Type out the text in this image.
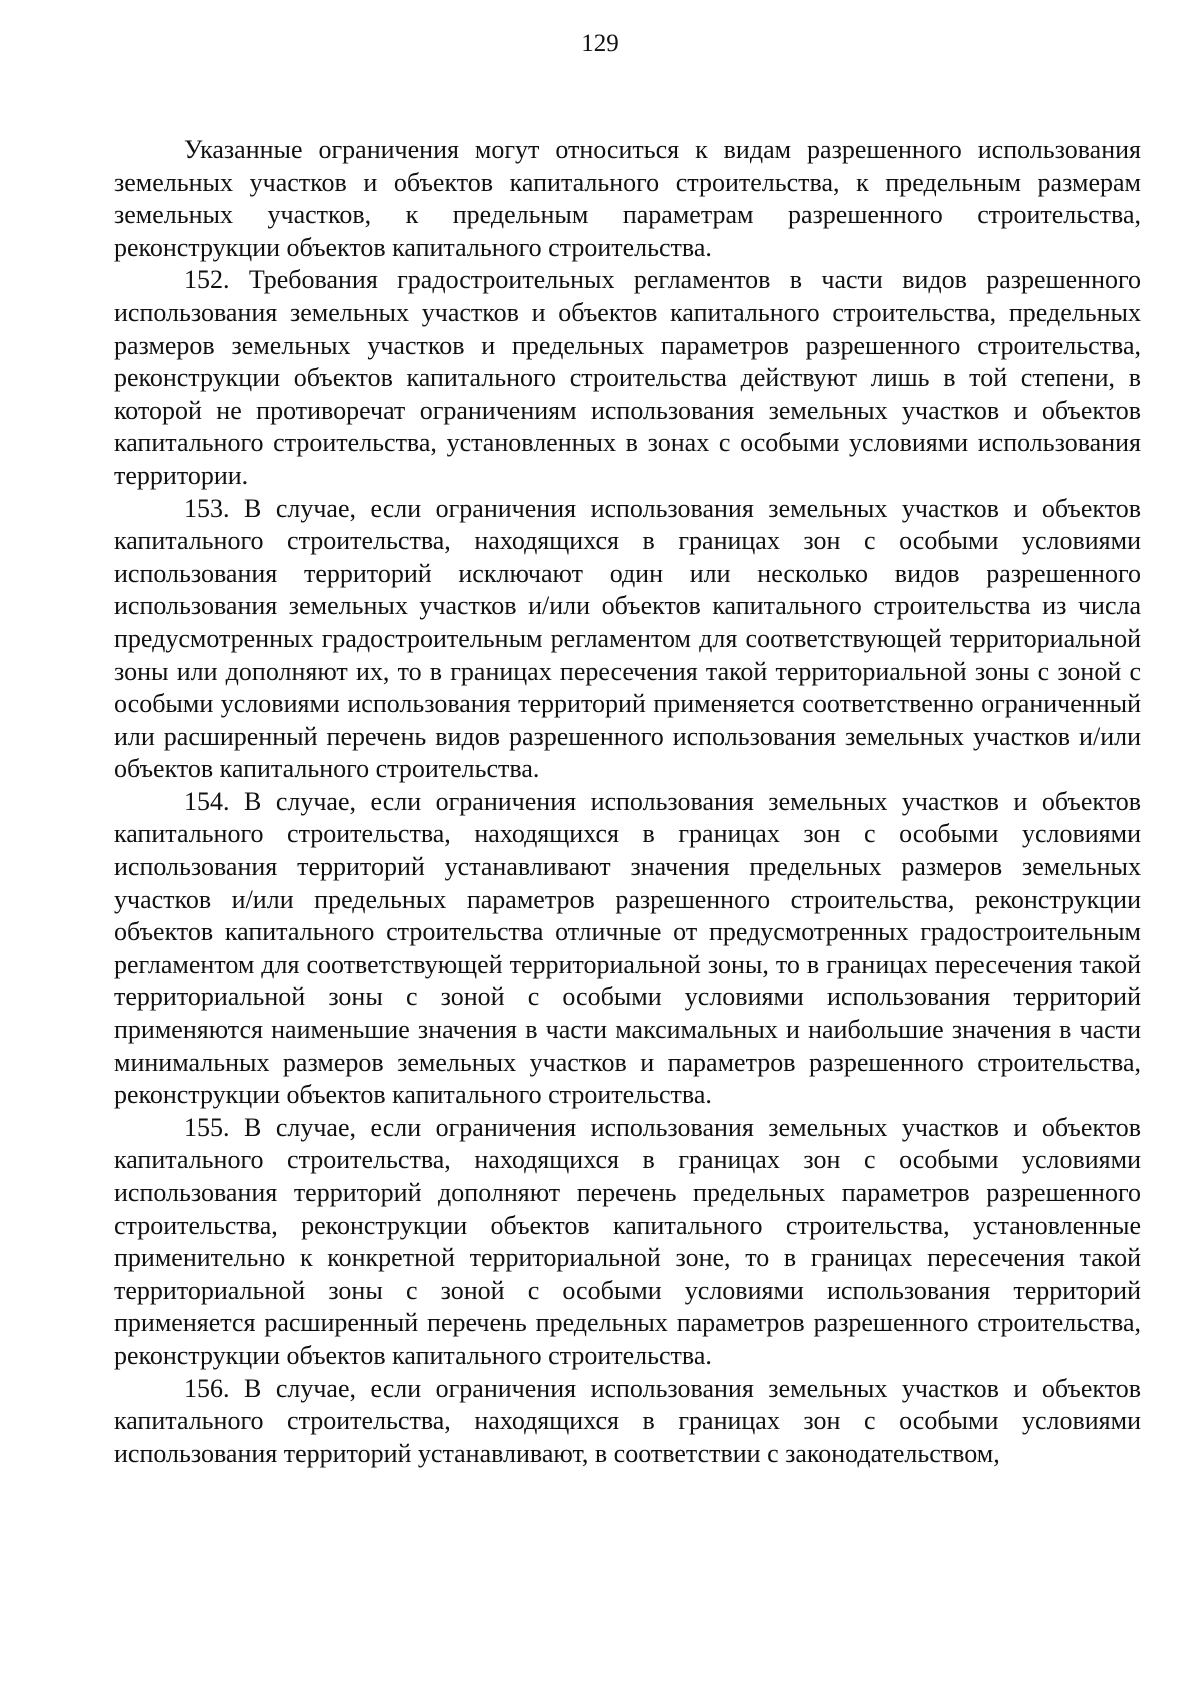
129

Указанные ограничения могут относиться к видам разрешенного использования земельных участков и объектов капитального строительства, к предельным размерам земельных участков, к предельным параметрам разрешенного строительства, реконструкции объектов капитального строительства.

152. Требования градостроительных регламентов в части видов разрешенного использования земельных участков и объектов капитального строительства, предельных размеров земельных участков и предельных параметров разрешенного строительства, реконструкции объектов капитального строительства действуют лишь в той степени, в которой не противоречат ограничениям использования земельных участков и объектов капитального строительства, установленных в зонах с особыми условиями использования территории.

153. В случае, если ограничения использования земельных участков и объектов капитального строительства, находящихся в границах зон с особыми условиями использования территорий исключают один или несколько видов разрешенного использования земельных участков и/или объектов капитального строительства из числа предусмотренных градостроительным регламентом для соответствующей территориальной зоны или дополняют их, то в границах пересечения такой территориальной зоны с зоной с особыми условиями использования территорий применяется соответственно ограниченный или расширенный перечень видов разрешенного использования земельных участков и/или объектов капитального строительства.

154. В случае, если ограничения использования земельных участков и объектов капитального строительства, находящихся в границах зон с особыми условиями использования территорий устанавливают значения предельных размеров земельных участков и/или предельных параметров разрешенного строительства, реконструкции объектов капитального строительства отличные от предусмотренных градостроительным регламентом для соответствующей территориальной зоны, то в границах пересечения такой территориальной зоны с зоной с особыми условиями использования территорий применяются наименьшие значения в части максимальных и наибольшие значения в части минимальных размеров земельных участков и параметров разрешенного строительства, реконструкции объектов капитального строительства.

155. В случае, если ограничения использования земельных участков и объектов капитального строительства, находящихся в границах зон с особыми условиями использования территорий дополняют перечень предельных параметров разрешенного строительства, реконструкции объектов капитального строительства, установленные применительно к конкретной территориальной зоне, то в границах пересечения такой территориальной зоны с зоной с особыми условиями использования территорий применяется расширенный перечень предельных параметров разрешенного строительства, реконструкции объектов капитального строительства.

156. В случае, если ограничения использования земельных участков и объектов капитального строительства, находящихся в границах зон с особыми условиями использования территорий устанавливают, в соответствии с законодательством,
